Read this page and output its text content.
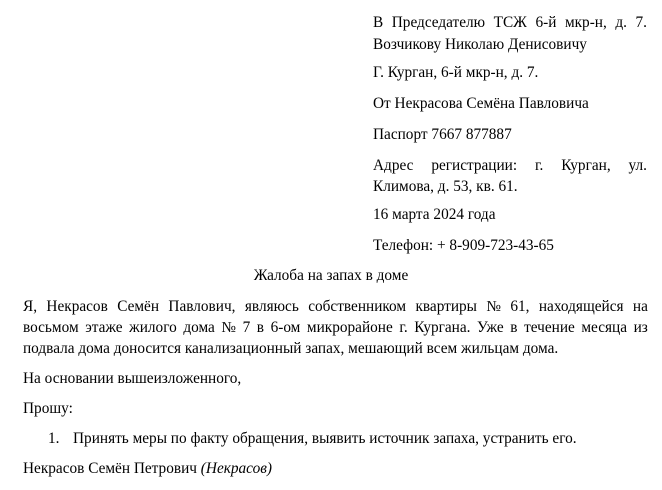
В Председателю ТСЖ 6-й мкр-н, д. 7.
Возчикову Николаю Денисовичу
Г. Курган, 6-й мкр-н, д. 7.
От Некрасова Семёна Павловича
Паспорт 7667 877887
Адрес регистрации: г. Курган, ул.
Климова, д. 53, кв. 61.
16 марта 2024 года
Телефон: + 8-909-723-43-65
Жалоба на запах в доме
Я, Некрасов Семён Павлович, являюсь собственником квартиры № 61, находящейся на
восьмом этаже жилого дома № 7 в 6-ом микрорайоне г. Кургана. Уже в течение месяца из
подвала дома доносится канализационный запах, мешающий всем жильцам дома.
На основании вышеизложенного,
Прошу:
1. Принять меры по факту обращения, выявить источник запаха, устранить его.
Некрасов Семён Петрович (Некрасов)
